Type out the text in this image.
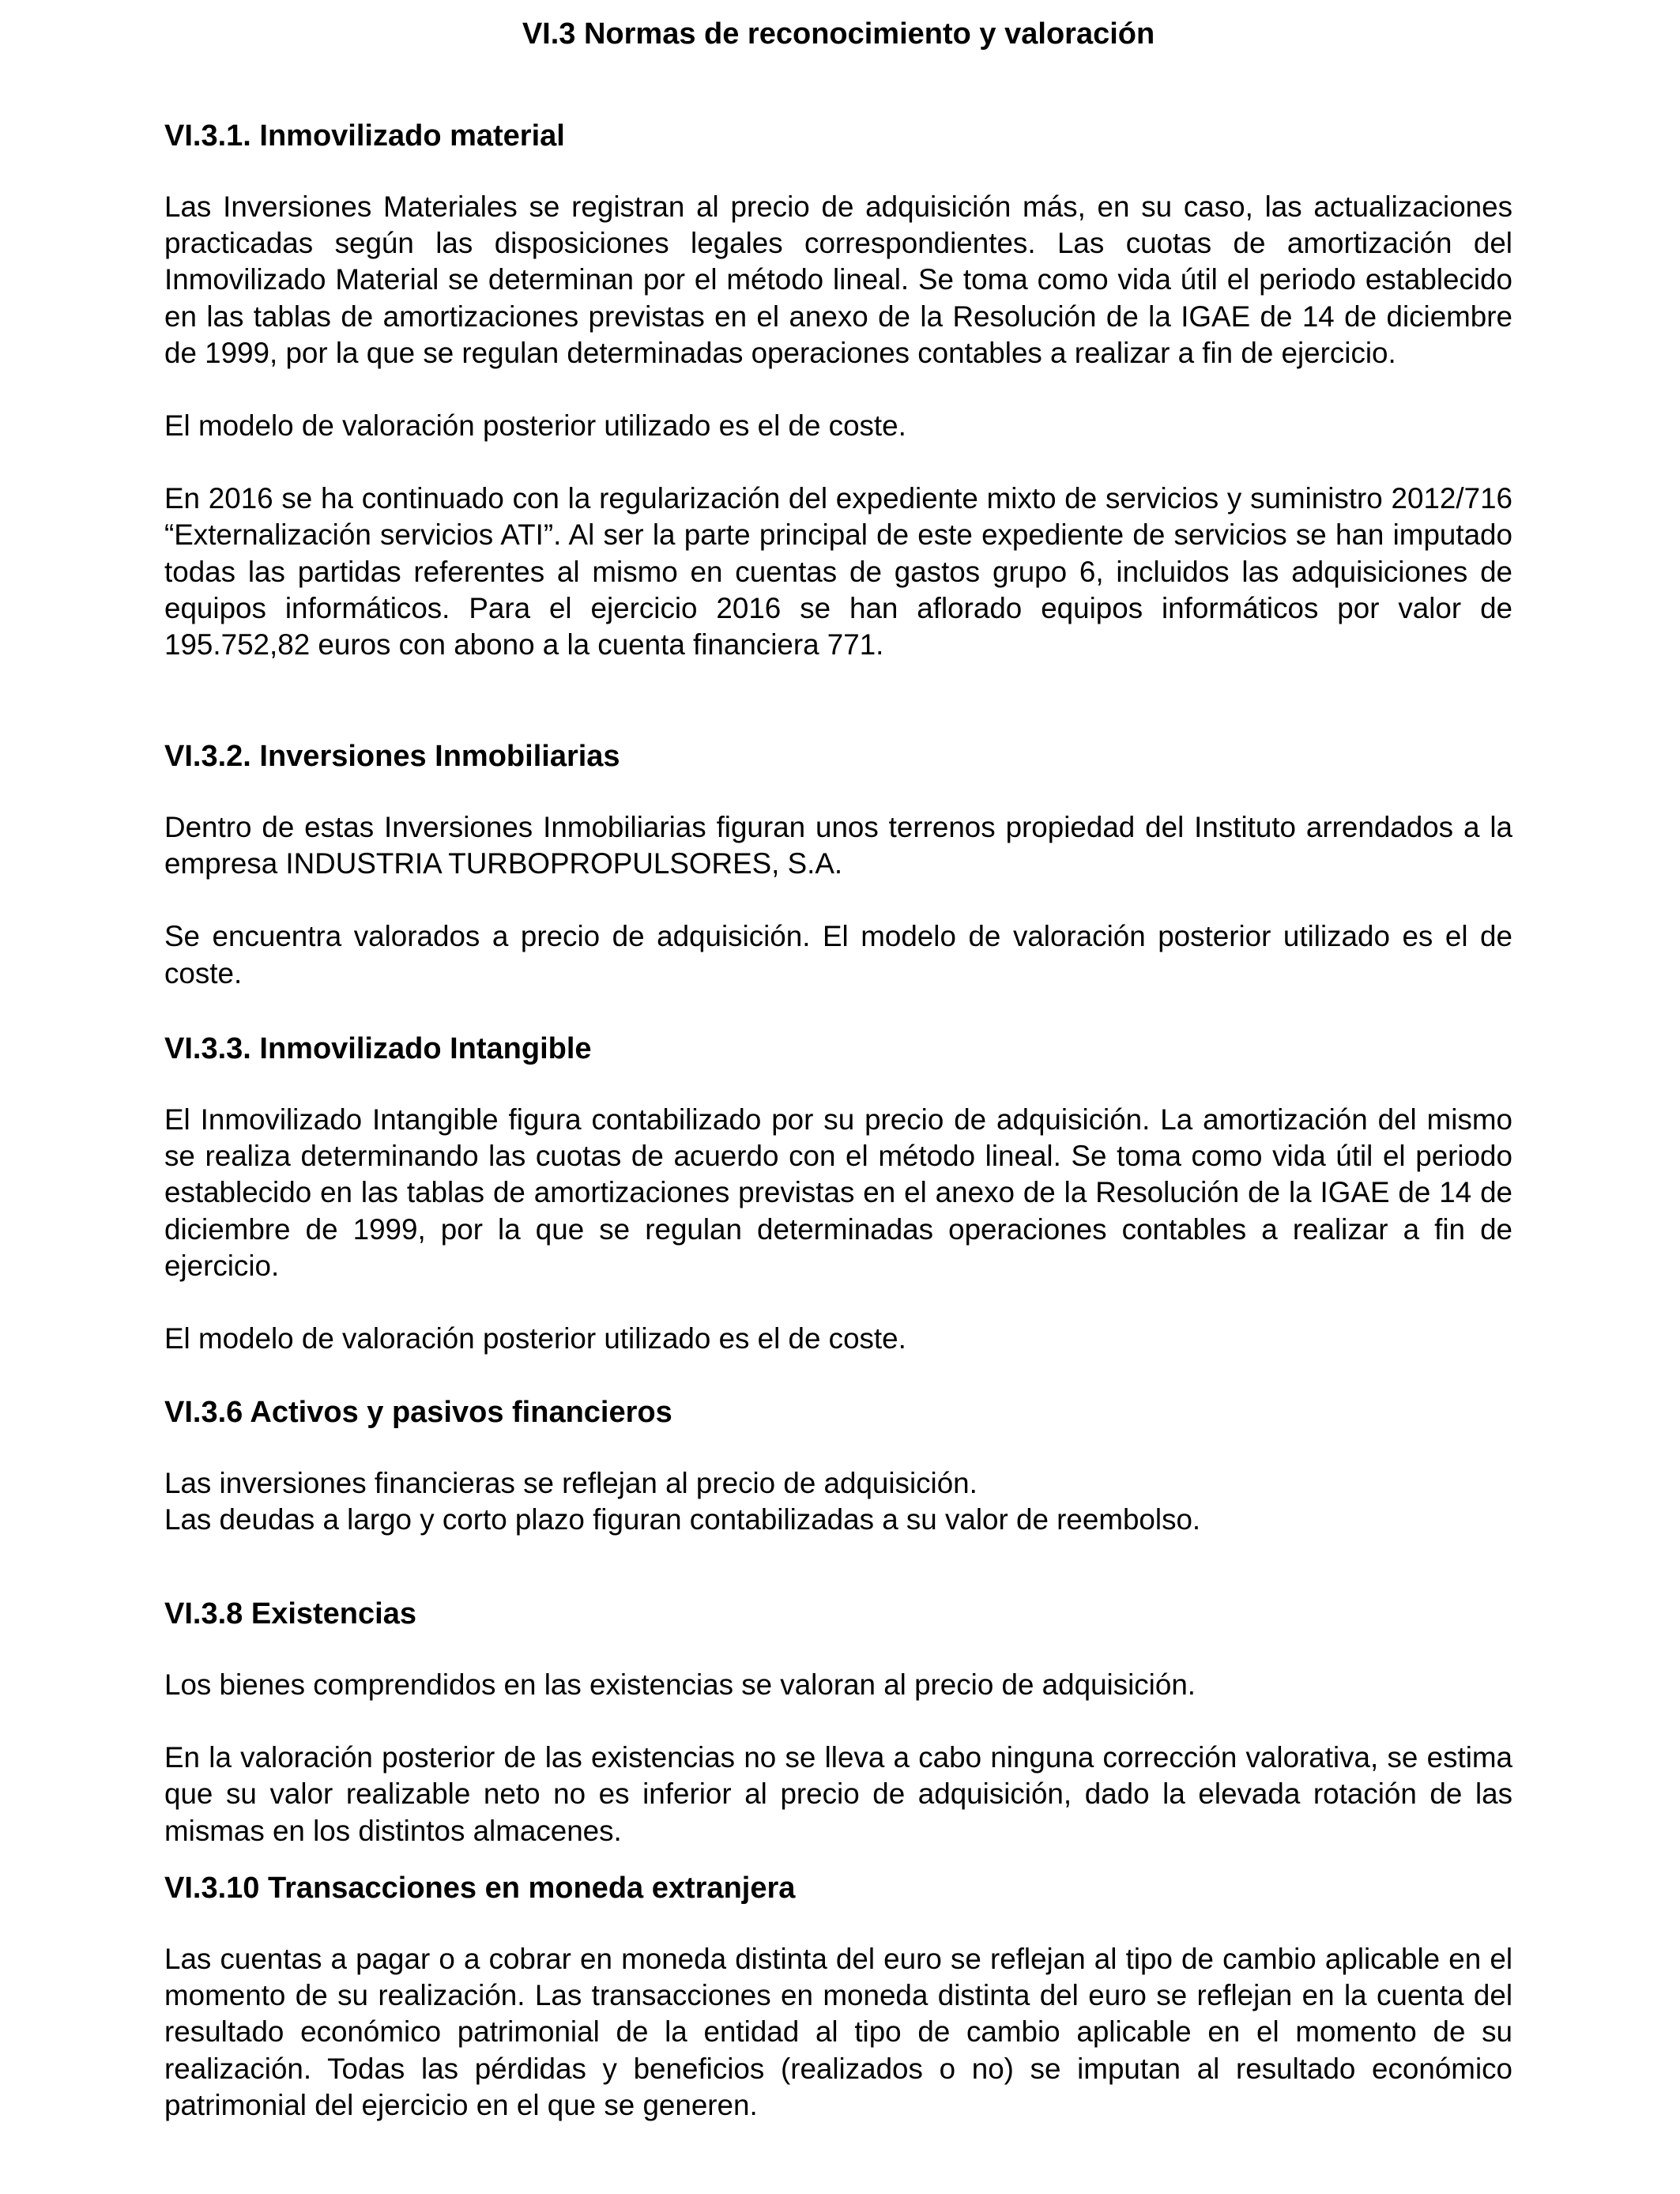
VI.3 Normas de reconocimiento y valoración
VI.3.1. Inmovilizado material

Las Inversiones Materiales se registran al precio de adquisición más, en su caso, las actualizaciones practicadas según las disposiciones legales correspondientes. Las cuotas de amortización del Inmovilizado Material se determinan por el método lineal. Se toma como vida útil el periodo establecido en las tablas de amortizaciones previstas en el anexo de la Resolución de la IGAE de 14 de diciembre de 1999, por la que se regulan determinadas operaciones contables a realizar a fin de ejercicio.

El modelo de valoración posterior utilizado es el de coste.

En 2016 se ha continuado con la regularización del expediente mixto de servicios y suministro 2012/716 “Externalización servicios ATI”. Al ser la parte principal de este expediente de servicios se han imputado todas las partidas referentes al mismo en cuentas de gastos grupo 6, incluidos las adquisiciones de equipos informáticos. Para el ejercicio 2016 se han aflorado equipos informáticos por valor de 195.752,82 euros con abono a la cuenta financiera 771.

VI.3.2. Inversiones Inmobiliarias

Dentro de estas Inversiones Inmobiliarias figuran unos terrenos propiedad del Instituto arrendados a la empresa INDUSTRIA TURBOPROPULSORES, S.A.

Se encuentra valorados a precio de adquisición. El modelo de valoración posterior utilizado es el de coste.

VI.3.3. Inmovilizado Intangible

El Inmovilizado Intangible figura contabilizado por su precio de adquisición. La amortización del mismo se realiza determinando las cuotas de acuerdo con el método lineal. Se toma como vida útil el periodo establecido en las tablas de amortizaciones previstas en el anexo de la Resolución de la IGAE de 14 de diciembre de 1999, por la que se regulan determinadas operaciones contables a realizar a fin de ejercicio.

El modelo de valoración posterior utilizado es el de coste.

VI.3.6 Activos y pasivos financieros
Las inversiones financieras se reflejan al precio de adquisición.
Las deudas a largo y corto plazo figuran contabilizadas a su valor de reembolso.
VI.3.8 Existencias

Los bienes comprendidos en las existencias se valoran al precio de adquisición.

En la valoración posterior de las existencias no se lleva a cabo ninguna corrección valorativa, se estima que su valor realizable neto no es inferior al precio de adquisición, dado la elevada rotación de las mismas en los distintos almacenes.

VI.3.10 Transacciones en moneda extranjera

Las cuentas a pagar o a cobrar en moneda distinta del euro se reflejan al tipo de cambio aplicable en el momento de su realización. Las transacciones en moneda distinta del euro se reflejan en la cuenta del resultado económico patrimonial de la entidad al tipo de cambio aplicable en el momento de su realización. Todas las pérdidas y beneficios (realizados o no) se imputan al resultado económico patrimonial del ejercicio en el que se generen.
